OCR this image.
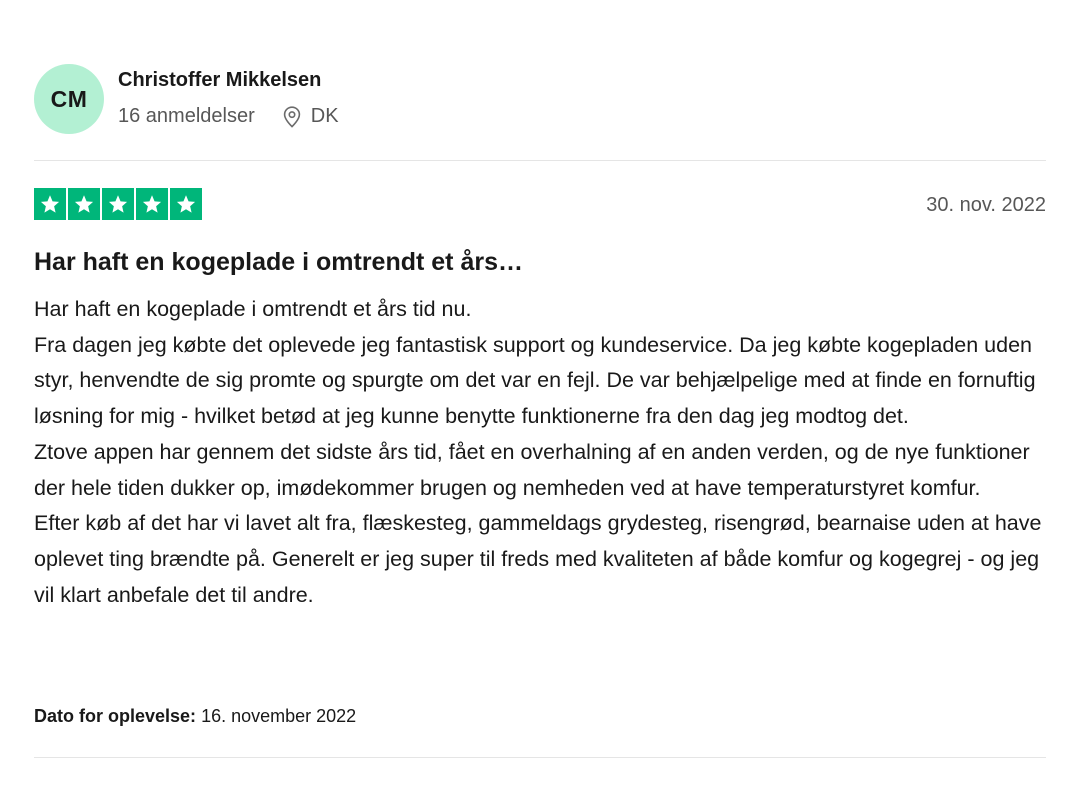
CM
Christoffer Mikkelsen
16 anmeldelser	DK
30. nov. 2022
Har haft en kogeplade i omtrendt et års…

Har haft en kogeplade i omtrendt et års tid nu.

Fra dagen jeg købte det oplevede jeg fantastisk support og kundeservice. Da jeg købte kogepladen uden styr, henvendte de sig promte og spurgte om det var en fejl. De var behjælpelige med at finde en fornuftig løsning for mig - hvilket betød at jeg kunne benytte funktionerne fra den dag jeg modtog det.

Ztove appen har gennem det sidste års tid, fået en overhalning af en anden verden, og de nye funktioner der hele tiden dukker op, imødekommer brugen og nemheden ved at have temperaturstyret komfur.

Efter køb af det har vi lavet alt fra, flæskesteg, gammeldags grydesteg, risengrød, bearnaise uden at have oplevet ting brændte på. Generelt er jeg super til freds med kvaliteten af både komfur og kogegrej - og jeg vil klart anbefale det til andre.

Dato for oplevelse: 16. november 2022
